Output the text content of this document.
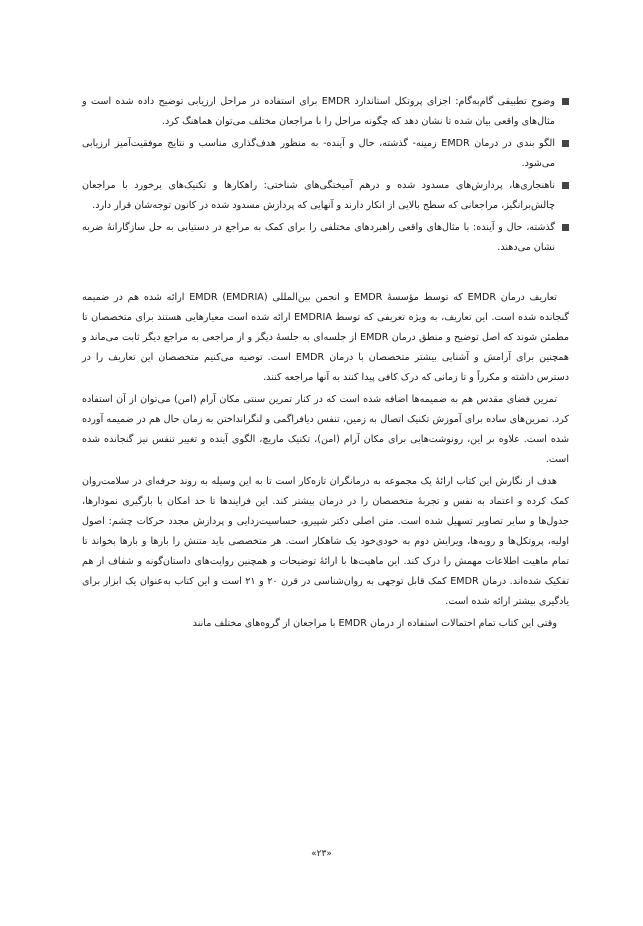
وضوح تطبیقی گام‌به‌گام: اجزای پروتکل استاندارد EMDR برای استفاده در مراحل ارزیابی توضیح داده شده است و مثال‌های واقعی بیان شده تا نشان دهد که چگونه مراحل را با مراجعان مختلف می‌توان هماهنگ کرد.
الگو بندی در درمان EMDR زمینه- گذشته، حال و آینده- به منظور هدف‌گذاری مناسب و نتایج موفقیت‌آمیز ارزیابی می‌شود.
ناهنجاری‌ها، پردازش‌های مسدود شده و درهم آمیختگی‌های شناختی: راهکارها و تکنیک‌های برخورد با مراجعان چالش‌برانگیز، مراجعانی که سطح بالایی از انکار دارند و آنهایی که پردازش مسدود شده در کانون توجه‌شان قرار دارد.
گذشته، حال و آینده: با مثال‌های واقعی راهبردهای مختلفی را برای کمک به مراجع در دستیابی به حل سازگارانهٔ ضربه نشان می‌دهند.

تعاریف درمان EMDR که توسط مؤسسهٔ EMDR و انجمن بین‌المللی EMDR (EMDRIA) ارائه شده هم در ضمیمه گنجانده شده است. این تعاریف، به ویژه تعریفی که توسط EMDRIA ارائه شده است معیارهایی هستند برای متخصصان تا مطمئن شوند که اصل توضیح و منطق درمان EMDR از جلسه‌ای به جلسهٔ دیگر و از مراجعی به مراجع دیگر ثابت می‌ماند و همچنین برای آرامش و آشنایی بیشتر متخصصان با درمان EMDR است. توصیه می‌کنیم متخصصان این تعاریف را در دسترس داشته و مکرراً و تا زمانی که درک کافی پیدا کنند به آنها مراجعه کنند.

تمرین فضای مقدس هم به ضمیمه‌ها اضافه شده است که در کنار تمرین سنتی مکان آرام (امن) می‌توان از آن استفاده کرد. تمرین‌های ساده برای آموزش تکنیک اتصال به زمین، تنفس دیافراگمی و لنگرانداختن به زمان حال هم در ضمیمه آورده شده است. علاوه بر این، رونوشت‌هایی برای مکان آرام (امن)، تکنیک ماریچ، الگوی آینده و تغییر تنفس نیز گنجانده شده است.

هدف از نگارش این کتاب ارائهٔ یک مجموعه به درمانگران تازه‌کار است تا به این وسیله به روند حرفه‌ای در سلامت‌روان کمک کرده و اعتماد به نفس و تجربهٔ متخصصان را در درمان بیشتر کند. این فرایندها تا حد امکان با بارگیری نمودارها، جدول‌ها و سایر تصاویر تسهیل شده است. متن اصلی دکتر شپیرو، حساسیت‌زدایی و پردازش مجدد حرکات چشم: اصول اولیه، پروتکل‌ها و رویه‌ها، ویرایش دوم به خودی‌خود یک شاهکار است. هر متخصصی باید متنش را بارها و بارها بخواند تا تمام ماهیت اطلاعات مهمش را درک کند. این ماهیت‌ها با ارائهٔ توضیحات و همچنین روایت‌های داستان‌گونه و شفاف از هم تفکیک شده‌اند. درمان EMDR کمک قابل توجهی به روان‌شناسی در قرن ۲۰ و ۲۱ است و این کتاب به‌عنوان یک ابزار برای یادگیری بیشتر ارائه شده است.

وقتی این کتاب تمام احتمالات استفاده از درمان EMDR با مراجعان از گروه‌های مختلف مانند

«۲۳»
